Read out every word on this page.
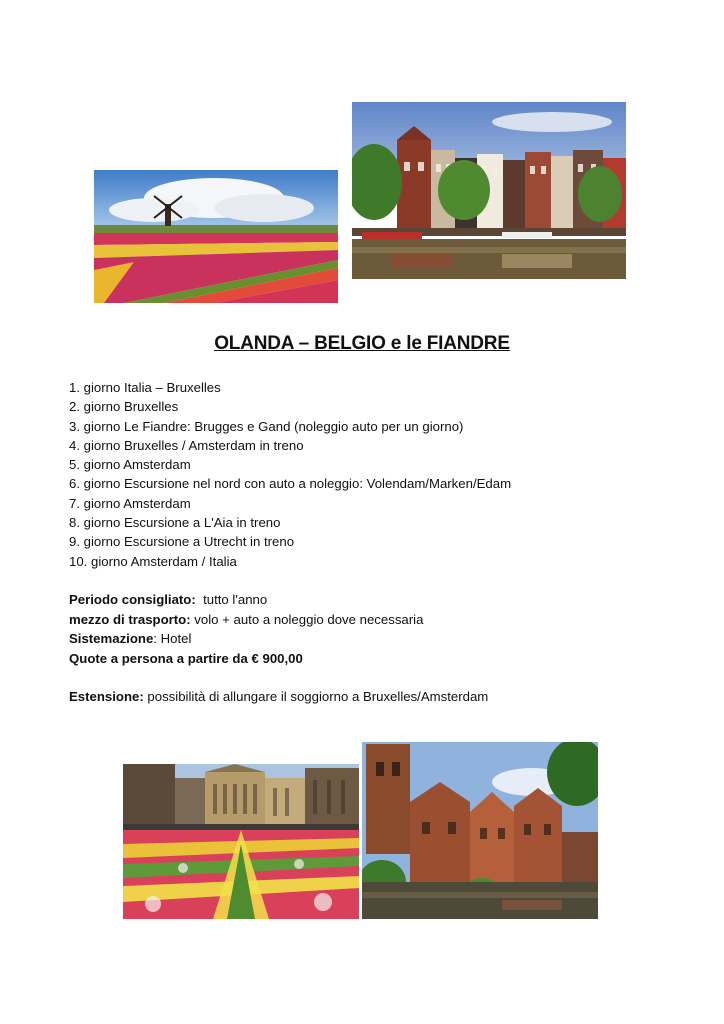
OLANDA – BELGIO e le FIANDRE
1. giorno Italia – Bruxelles
2. giorno Bruxelles
3. giorno Le Fiandre: Brugges e Gand (noleggio auto per un giorno)
4. giorno Bruxelles / Amsterdam in treno
5. giorno Amsterdam
6. giorno Escursione nel nord con auto a noleggio: Volendam/Marken/Edam
7. giorno Amsterdam
8. giorno Escursione a L'Aia in treno
9. giorno Escursione a Utrecht in treno
10. giorno Amsterdam / Italia
Periodo consigliato:  tutto l'anno
mezzo di trasporto: volo + auto a noleggio dove necessaria
Sistemazione: Hotel
Quote a persona a partire da € 900,00
Estensione: possibilità di allungare il soggiorno a Bruxelles/Amsterdam
